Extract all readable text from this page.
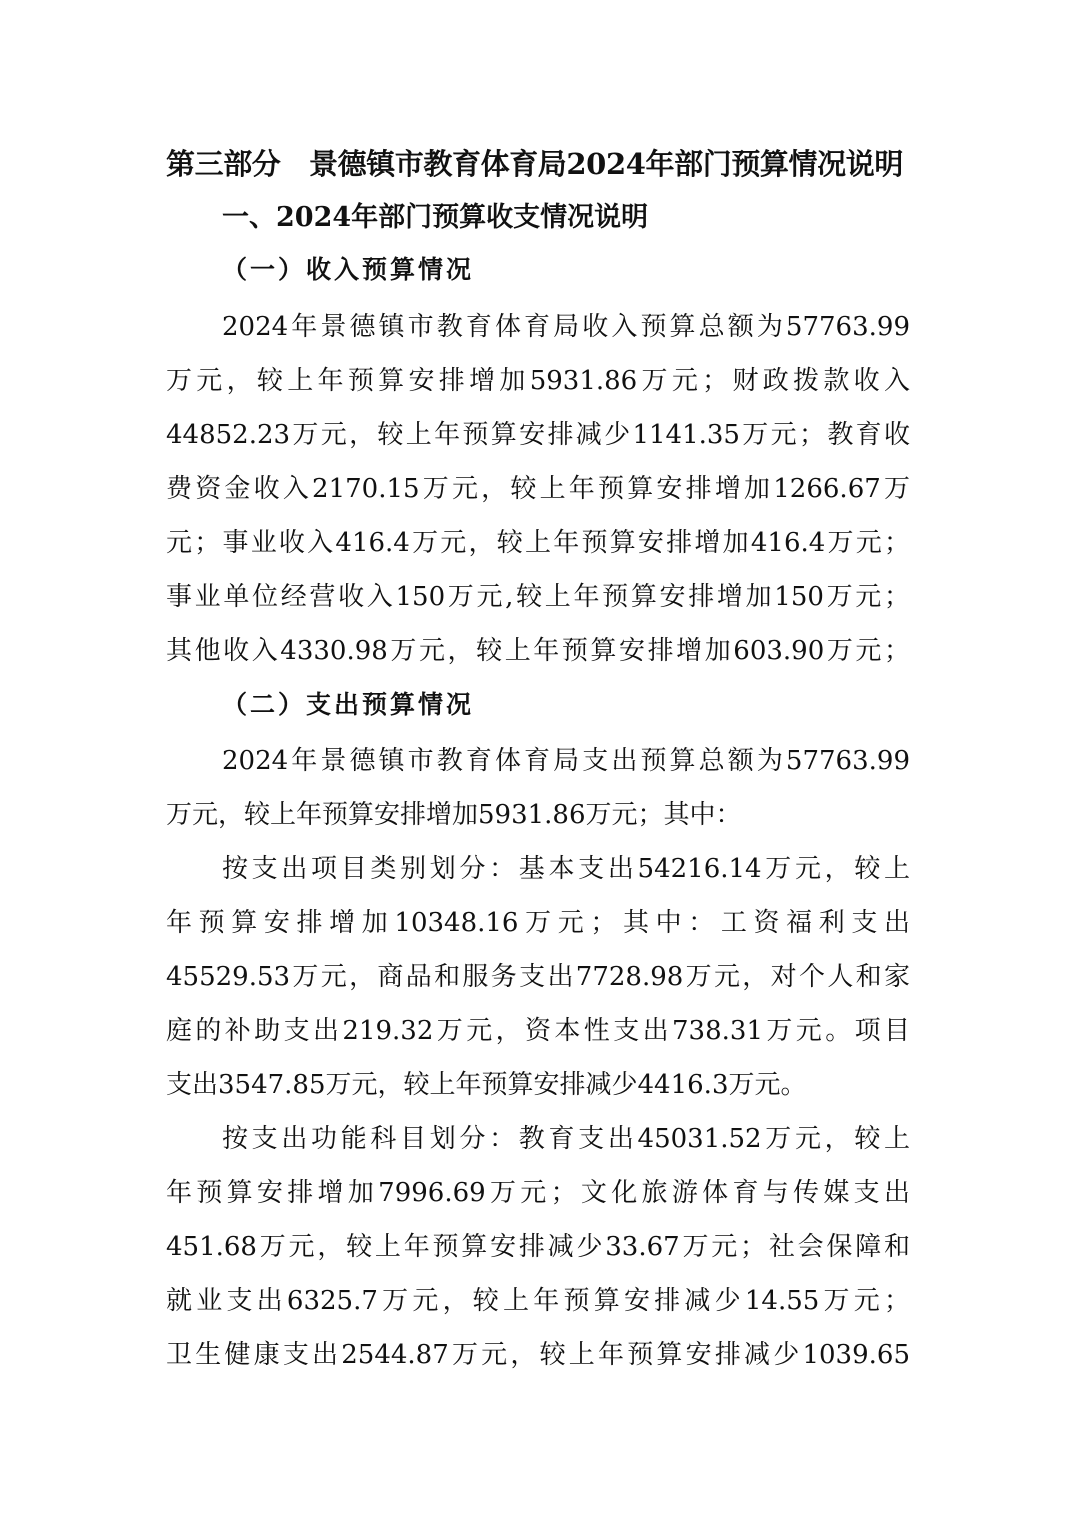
第三部分　景德镇市教育体育局2024年部门预算情况说明
一、2024年部门预算收支情况说明
（一）收入预算情况

2024年景德镇市教育体育局收入预算总额为57763.99

万元，较上年预算安排增加5931.86万元；财政拨款收入

44852.23万元，较上年预算安排减少1141.35万元；教育收

费资金收入2170.15万元，较上年预算安排增加1266.67万

元；事业收入416.4万元，较上年预算安排增加416.4万元；

事业单位经营收入150万元,较上年预算安排增加150万元；

其他收入4330.98万元，较上年预算安排增加603.90万元；

（二）支出预算情况

2024年景德镇市教育体育局支出预算总额为57763.99

万元，较上年预算安排增加5931.86万元；其中：

按支出项目类别划分：基本支出54216.14万元，较上

年预算安排增加10348.16万元；其中：工资福利支出

45529.53万元，商品和服务支出7728.98万元，对个人和家

庭的补助支出219.32万元，资本性支出738.31万元。项目

支出3547.85万元，较上年预算安排减少4416.3万元。

按支出功能科目划分：教育支出45031.52万元，较上

年预算安排增加7996.69万元；文化旅游体育与传媒支出

451.68万元，较上年预算安排减少33.67万元；社会保障和

就业支出6325.7万元，较上年预算安排减少14.55万元；

卫生健康支出2544.87万元，较上年预算安排减少1039.65
